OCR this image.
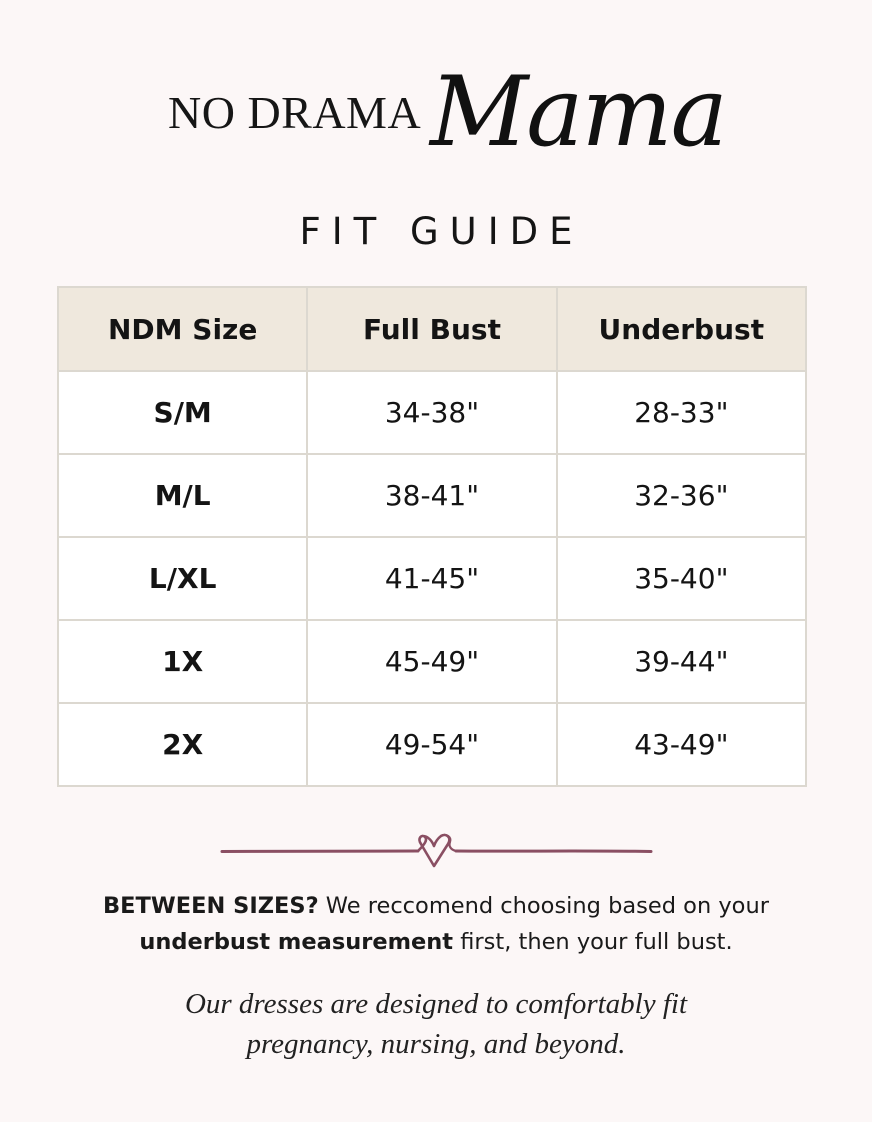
NO DRAMA Mama
FIT GUIDE
NDM Size	Full Bust	Underbust
S/M	34-38"	28-33"
M/L	38-41"	32-36"
L/XL	41-45"	35-40"
1X	45-49"	39-44"
2X	49-54"	43-49"
BETWEEN SIZES? We reccomend choosing based on your
underbust measurement first, then your full bust.
Our dresses are designed to comfortably fit
pregnancy, nursing, and beyond.
